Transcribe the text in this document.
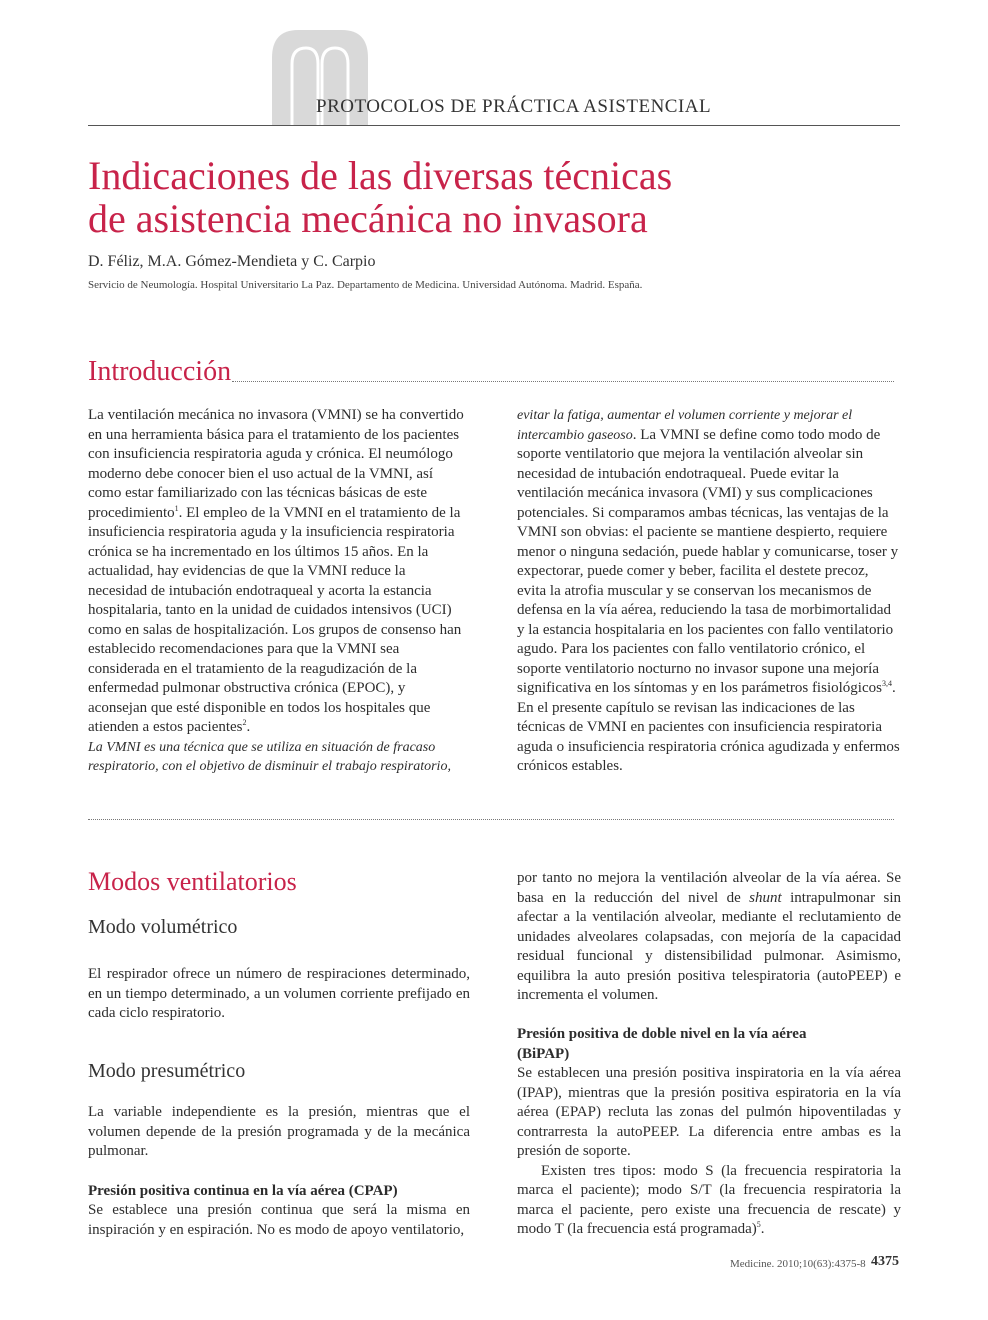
PROTOCOLOS DE PRÁCTICA ASISTENCIAL
Indicaciones de las diversas técnicas
de asistencia mecánica no invasora
D. Féliz, M.A. Gómez-Mendieta y C. Carpio
Servicio de Neumología. Hospital Universitario La Paz. Departamento de Medicina. Universidad Autónoma. Madrid. España.
Introducción

La ventilación mecánica no invasora (VMNI) se ha convertido en una herramienta básica para el tratamiento de los pacientes con insuficiencia respiratoria aguda y crónica. El neumólogo moderno debe conocer bien el uso actual de la VMNI, así como estar familiarizado con las técnicas básicas de este procedimiento$^1$. El empleo de la VMNI en el tratamiento de la insuficiencia respiratoria aguda y la insuficiencia respiratoria crónica se ha incrementado en los últimos 15 años. En la actualidad, hay evidencias de que la VMNI reduce la necesidad de intubación endotraqueal y acorta la estancia hospitalaria, tanto en la unidad de cuidados intensivos (UCI) como en salas de hospitalización. Los grupos de consenso han establecido recomendaciones para que la VMNI sea considerada en el tratamiento de la reagudización de la enfermedad pulmonar obstructiva crónica (EPOC), y aconsejan que esté disponible en todos los hospitales que atienden a estos pacientes$^2$.

La VMNI es una técnica que se utiliza en situación de fracaso respiratorio, con el objetivo de disminuir el trabajo respiratorio,

evitar la fatiga, aumentar el volumen corriente y mejorar el intercambio gaseoso. La VMNI se define como todo modo de soporte ventilatorio que mejora la ventilación alveolar sin necesidad de intubación endotraqueal. Puede evitar la ventilación mecánica invasora (VMI) y sus complicaciones potenciales. Si comparamos ambas técnicas, las ventajas de la VMNI son obvias: el paciente se mantiene despierto, requiere menor o ninguna sedación, puede hablar y comunicarse, toser y expectorar, puede comer y beber, facilita el destete precoz, evita la atrofia muscular y se conservan los mecanismos de defensa en la vía aérea, reduciendo la tasa de morbimortalidad y la estancia hospitalaria en los pacientes con fallo ventilatorio agudo. Para los pacientes con fallo ventilatorio crónico, el soporte ventilatorio nocturno no invasor supone una mejoría significativa en los síntomas y en los parámetros fisiológicos$^{3,4}$.

En el presente capítulo se revisan las indicaciones de las técnicas de VMNI en pacientes con insuficiencia respiratoria aguda o insuficiencia respiratoria crónica agudizada y enfermos crónicos estables.

Modos ventilatorios
Modo volumétrico

El respirador ofrece un número de respiraciones determinado, en un tiempo determinado, a un volumen corriente prefijado en cada ciclo respiratorio.

Modo presumétrico

La variable independiente es la presión, mientras que el volumen depende de la presión programada y de la mecánica pulmonar.

Presión positiva continua en la vía aérea (CPAP)

Se establece una presión continua que será la misma en inspiración y en espiración. No es modo de apoyo ventilatorio,

por tanto no mejora la ventilación alveolar de la vía aérea. Se basa en la reducción del nivel de shunt intrapulmonar sin afectar a la ventilación alveolar, mediante el reclutamiento de unidades alveolares colapsadas, con mejoría de la capacidad residual funcional y distensibilidad pulmonar. Asimismo, equilibra la auto presión positiva telespiratoria (autoPEEP) e incrementa el volumen.

Presión positiva de doble nivel en la vía aérea
(BiPAP)

Se establecen una presión positiva inspiratoria en la vía aérea (IPAP), mientras que la presión positiva espiratoria en la vía aérea (EPAP) recluta las zonas del pulmón hipoventiladas y contrarresta la autoPEEP. La diferencia entre ambas es la presión de soporte.

Existen tres tipos: modo S (la frecuencia respiratoria la marca el paciente); modo S/T (la frecuencia respiratoria la marca el paciente, pero existe una frecuencia de rescate) y modo T (la frecuencia está programada)$^5$.

Medicine. 2010;10(63):4375-8 4375
